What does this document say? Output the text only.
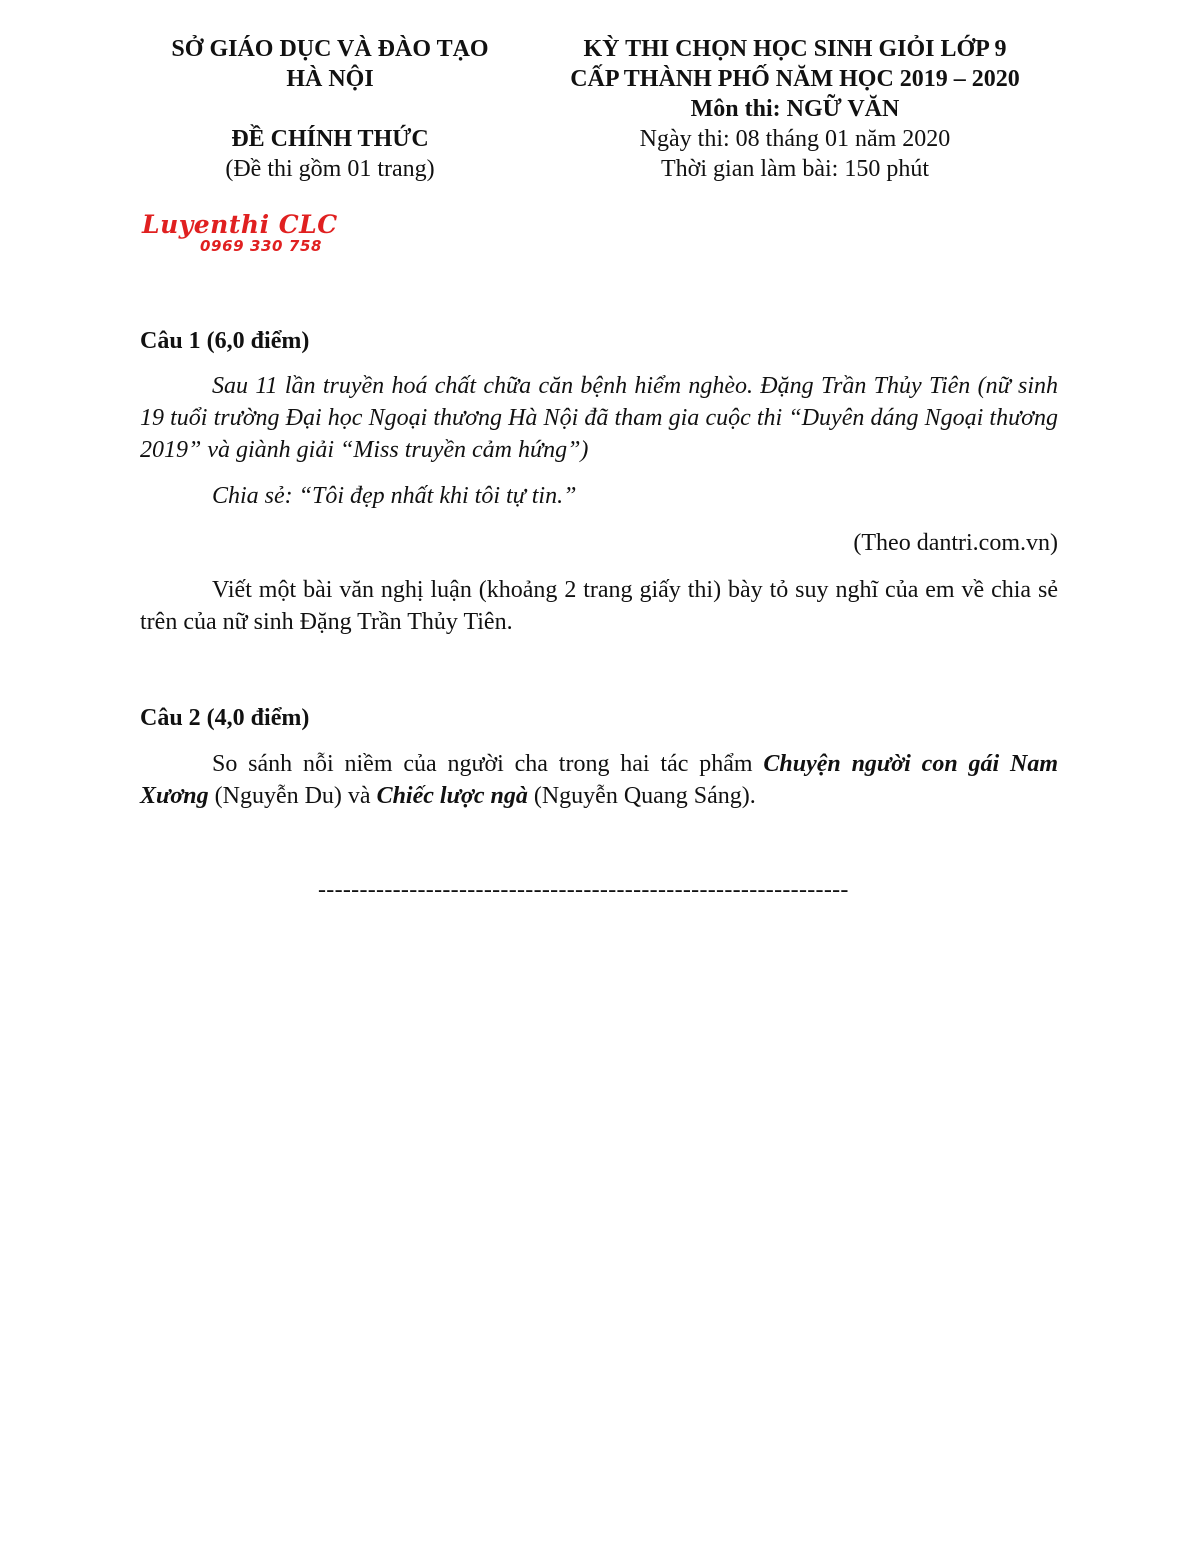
SỞ GIÁO DỤC VÀ ĐÀO TẠO
HÀ NỘI
ĐỀ CHÍNH THỨC
(Đề thi gồm 01 trang)
KỲ THI CHỌN HỌC SINH GIỎI LỚP 9
CẤP THÀNH PHỐ NĂM HỌC 2019 – 2020
Môn thi: NGỮ VĂN
Ngày thi: 08 tháng 01 năm 2020
Thời gian làm bài: 150 phút
Luyenthi CLC
0969 330 758
Câu 1 (6,0 điểm)
Sau 11 lần truyền hoá chất chữa căn bệnh hiểm nghèo. Đặng Trần Thủy Tiên (nữ sinh 19 tuổi trường Đại học Ngoại thương Hà Nội đã tham gia cuộc thi “Duyên dáng Ngoại thương 2019” và giành giải “Miss truyền cảm hứng”)
Chia sẻ: “Tôi đẹp nhất khi tôi tự tin.”
(Theo dantri.com.vn)
Viết một bài văn nghị luận (khoảng 2 trang giấy thi) bày tỏ suy nghĩ của em về chia sẻ trên của nữ sinh Đặng Trần Thủy Tiên.
Câu 2 (4,0 điểm)
So sánh nỗi niềm của người cha trong hai tác phẩm Chuyện người con gái Nam Xương (Nguyễn Du) và Chiếc lược ngà (Nguyễn Quang Sáng).
----------------------------------------------------------------
